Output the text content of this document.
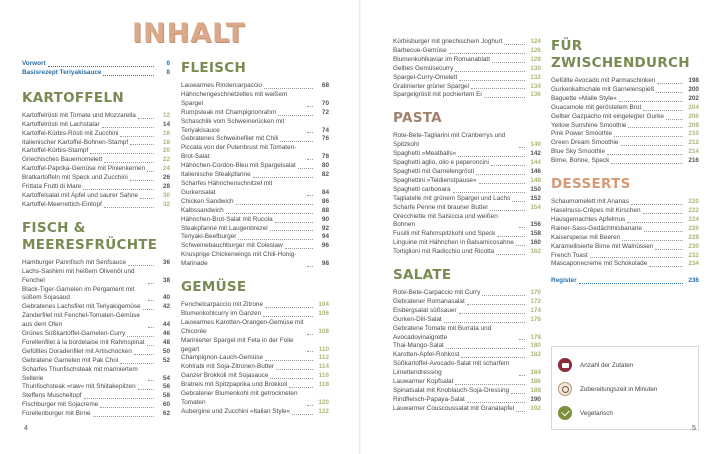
INHALT
Vorwort	6
Basisrezept Teriyakisauce	8
KARTOFFELN
Kartoffelrösti mit Tomate und Mozzarella	12
Kartoffelrösti mit Lachstatar	14
Kartoffel-Kürbis-Rösti mit Zucchini	16
Italienischer Kartoffel-Bohnen-Stampf	18
Kartoffel-Kürbis-Stampf	20
Griechisches Bauernomelett	22
Kartoffel-Paprika-Gemüse mit Pinienkernen	24
Bratkartoffeln mit Speck und Zucchini	26
Frittata Frutti di Mare	28
Kartoffelsalat mit Apfel und saurer Sahne	30
Kartoffel-Meerrettich-Eintopf	32
FISCH & MEERESFRÜCHTE
Hamburger Pannfisch mit Senfsauce	36
Lachs-Sashimi mit heißem Olivenöl und Fenchel	38
Black-Tiger-Garnelen im Pergament mit süßem Sojasaud	40
Gebratenes Lachsfilet mit Teriyakigemüse	42
Zanderfilet mit Fenchel-Tomaten-Gemüse aus dem Ofen	44
Grünes Süßkartoffel-Garnelen-Curry	46
Forellenfilet à la bordelaise mit Rahmspinat	48
Gefülltes Doradenfilet mit Artischocken	50
Gebratene Garnelen mit Pak Choi	52
Scharfes Thunfischsteak mit mariniertem Sellerie	54
Thunfischsteak »raw« mit Shiitakepilzen	56
Steffens Muscheltopf	58
Fischburger mit Sojacreme	60
Forellenburger mit Birne	62
FLEISCH
Lauwarmes Rindercarpaccio	68
Hähnchengeschnetzeltes mit weißem Spargel	70
Rumpsteak mit Champignonrahm	72
Schaschlik vom Schweinerücken mit Teriyakisauce	74
Gebratenes Schweinefilet mit Chili	76
Piccata von der Putenbrust mit Tomaten-Brot-Salat	78
Hähnchen-Cordon-Bleu mit Spargelsalat	80
Italienische Steakpfanne	82
Scharfes Hähnchenschnitzel mit Gurkensalat	84
Chicken Sandwich	86
Kalbssandwich	88
Hähnchen-Brot-Salat mit Rucola	90
Steakpfanne mit Laugenbrezel	92
Teriyaki-Beefburger	94
Schweinebauchburger mit Coleslaw	96
Knusprige Chickenwings mit Chili-Honig-Marinade	98
GEMÜSE
Fenchelcarpaccio mit Zitrone	104
Blumenkohlcurry im Ganzen	106
Lauwarmes Karotten-Orangen-Gemüse mit Chicorée	108
Marinierter Spargel mit Feta in der Folie gegart	110
Champignon-Lauch-Gemüse	112
Kohlrabi mit Soja-Zitronen-Butter	114
Ganzer Brokkoli mit Sojasauce	116
Bratreis mit Spitzpaprika und Brokkoli	118
Gebratener Blumenkohl mit getrockneten Tomaten	120
Aubergine und Zucchini »Italian Style«	122
Kürbisburger mit griechischem Joghurt	124
Barbecue-Gemüse	126
Blumenkohlkaviar im Romanablatt	128
Gelbes Gemüsecurry	130
Spargel-Curry-Omelett	132
Gratinierter grüner Spargel	134
Spargelgröstl mit pochiertem Ei	136
PASTA
Rote-Bete-Tagliarini mit Cranberrys und Spitzkohl	140
Spaghetti »Meatballs«	142
Spaghetti aglio, olio e peperoncini	144
Spaghetti mit Garnelengröstl	146
Spaghettini »Teldienstpause«	148
Spaghetti carbonara	150
Tagliatelle mit grünem Spargel und Lachs	152
Scharfe Penne mit brauner Butter	154
Orecchiette mit Salsiccia und weißen Bohnen	156
Fusilli mit Rahmspitzkohl und Speck	158
Linguine mit Hähnchen in Balsamicosahne	160
Tortiglioni mit Radicchio und Ricotta	162
SALATE
Rote-Bete-Carpaccio mit Curry	170
Gebratener Romanasalat	172
Eisbergsalat süßsauer	174
Gurken-Dill-Salat	176
Gebratene Tomate mit Burrata und Avocadovinaigrette	178
Thai-Mango-Salat	180
Karotten-Apfel-Rohkost	182
Süßkartoffel-Avocado-Salat mit scharfem Limettendressing	184
Lauwarmer Kopfsalat	186
Spinatsalat mit Knoblauch-Soja-Dressing	188
Rindfleisch-Papaya-Salat	190
Lauwarmer Couscoussalat mit Granatapfel	192
FÜR ZWISCHENDURCH
Gefüllte Avocado mit Parmaschinken	198
Gurkenkaltschale mit Garnelenspieß	200
Baguette »Malle Style«	202
Guacamole mit geröstetem Brot	204
Gelber Gazpacho mit eingelegter Gurke	206
Yellow Sunshine Smoothie	208
Pink Power Smoothie	210
Green Dream Smoothie	212
Blue Sky Smoothie	214
Birne, Bohne, Speck	216
DESSERTS
Schaumomelett mit Ananas	220
Haselnuss-Crêpes mit Kirschen	222
Hausgemachtes Apfelmus	224
Rainer-Sass-Gedächtnisbanane	226
Kaiserspeise mit Beeren	228
Karamellisierte Birne mit Walnüssen	230
French Toast	232
Mascaponecreme mit Schokolade	234
Register	236
Anzahl der Zutaten
Zubereitungszeit in Minuten
Vegetarisch
4	5
